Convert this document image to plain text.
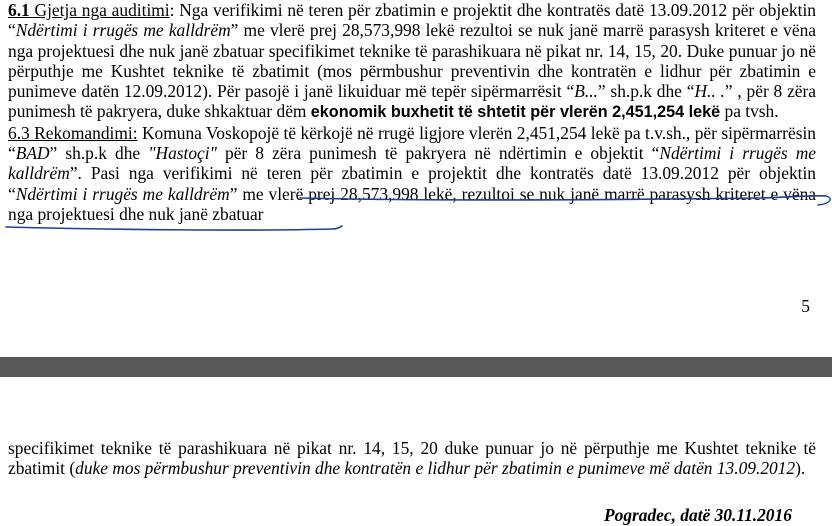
6.1 Gjetja nga auditimi: Nga verifikimi në teren për zbatimin e projektit dhe kontratës datë 13.09.2012 për objektin “Ndërtimi i rrugës me kalldrëm” me vlerë prej 28,573,998 lekë rezultoi se nuk janë marrë parasysh kriteret e vëna nga projektuesi dhe nuk janë zbatuar specifikimet teknike të parashikuara në pikat nr. 14, 15, 20. Duke punuar jo në përputhje me Kushtet teknike të zbatimit (mos përmbushur preventivin dhe kontratën e lidhur për zbatimin e punimeve datën 12.09.2012). Për pasojë i janë likuiduar më tepër sipërmarrësit “B...” sh.p.k dhe “H.. .” , për 8 zëra punimesh të pakryera, duke shkaktuar dëm ekonomik buxhetit të shtetit për vlerën 2,451,254 lekë pa tvsh.

6.3 Rekomandimi: Komuna Voskopojë të kërkojë në rrugë ligjore vlerën 2,451,254 lekë pa t.v.sh., për sipërmarrësin “BAD” sh.p.k dhe "Hastoçi" për 8 zëra punimesh të pakryera në ndërtimin e objektit “Ndërtimi i rrugës me kalldrëm”. Pasi nga verifikimi në teren për zbatimin e projektit dhe kontratës datë 13.09.2012 për objektin “Ndërtimi i rrugës me kalldrëm” me vlerë prej 28,573,998 lekë, rezultoi se nuk janë marrë parasysh kriteret e vëna nga projektuesi dhe nuk janë zbatuar

5

specifikimet teknike të parashikuara në pikat nr. 14, 15, 20 duke punuar jo në përputhje me Kushtet teknike të zbatimit (duke mos përmbushur preventivin dhe kontratën e lidhur për zbatimin e punimeve më datën 13.09.2012).

Pogradec, datë 30.11.2016
